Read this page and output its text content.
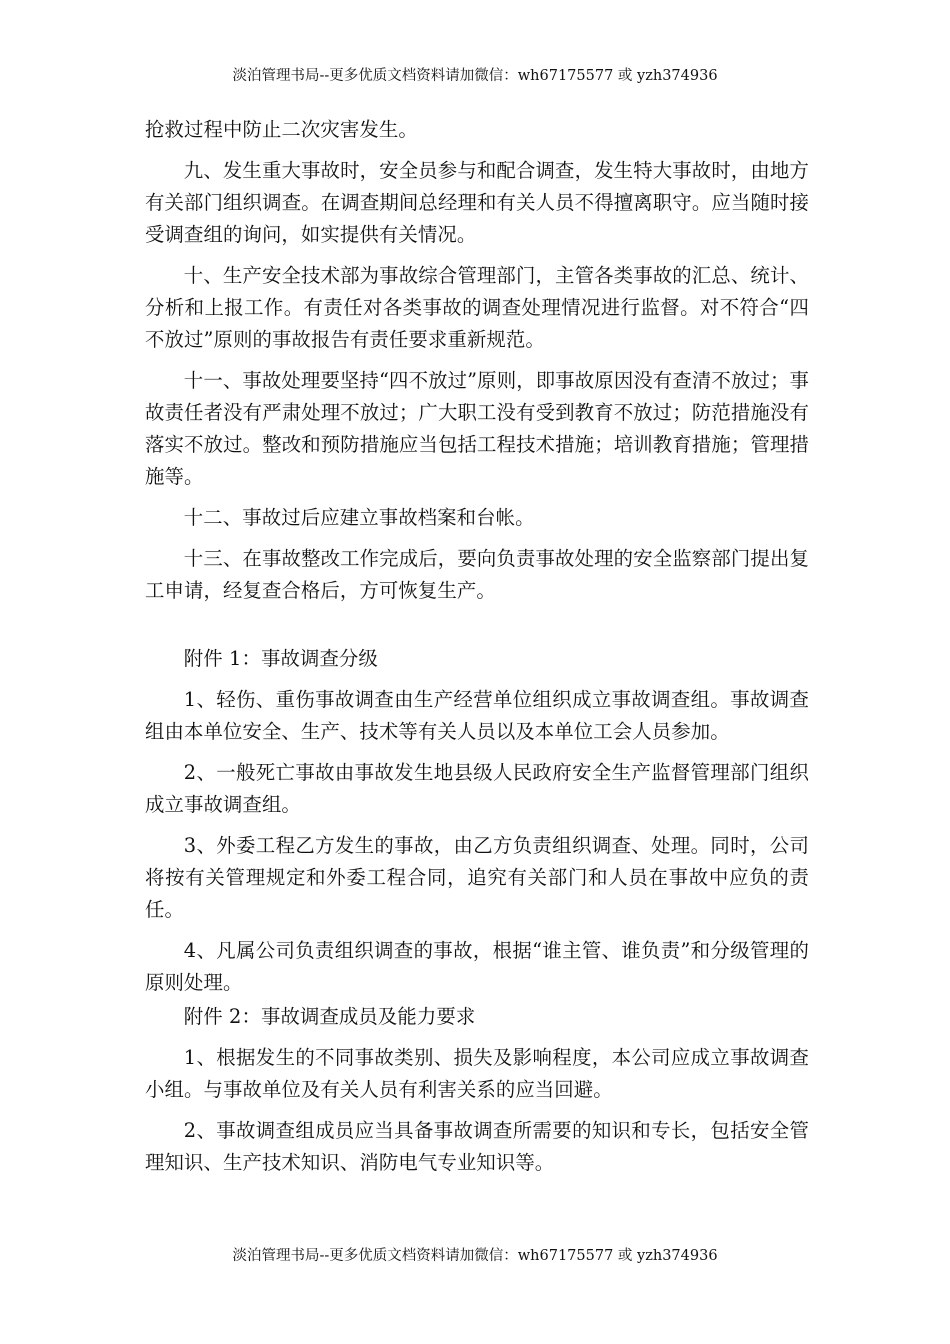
淡泊管理书局--更多优质文档资料请加微信：wh67175577 或 yzh374936

抢救过程中防止二次灾害发生。

九、发生重大事故时，安全员参与和配合调查，发生特大事故时，由地方有关部门组织调查。在调查期间总经理和有关人员不得擅离职守。应当随时接受调查组的询问，如实提供有关情况。

十、生产安全技术部为事故综合管理部门，主管各类事故的汇总、统计、分析和上报工作。有责任对各类事故的调查处理情况进行监督。对不符合“四不放过”原则的事故报告有责任要求重新规范。

十一、事故处理要坚持“四不放过”原则，即事故原因没有查清不放过；事故责任者没有严肃处理不放过；广大职工没有受到教育不放过；防范措施没有落实不放过。整改和预防措施应当包括工程技术措施；培训教育措施；管理措施等。

十二、事故过后应建立事故档案和台帐。

十三、在事故整改工作完成后，要向负责事故处理的安全监察部门提出复工申请，经复查合格后，方可恢复生产。

附件 1：事故调查分级

1、轻伤、重伤事故调查由生产经营单位组织成立事故调查组。事故调查组由本单位安全、生产、技术等有关人员以及本单位工会人员参加。

2、一般死亡事故由事故发生地县级人民政府安全生产监督管理部门组织成立事故调查组。

3、外委工程乙方发生的事故，由乙方负责组织调查、处理。同时，公司将按有关管理规定和外委工程合同，追究有关部门和人员在事故中应负的责任。

4、凡属公司负责组织调查的事故，根据“谁主管、谁负责”和分级管理的原则处理。

附件 2：事故调查成员及能力要求

1、根据发生的不同事故类别、损失及影响程度，本公司应成立事故调查小组。与事故单位及有关人员有利害关系的应当回避。

2、事故调查组成员应当具备事故调查所需要的知识和专长，包括安全管理知识、生产技术知识、消防电气专业知识等。

淡泊管理书局--更多优质文档资料请加微信：wh67175577 或 yzh374936
